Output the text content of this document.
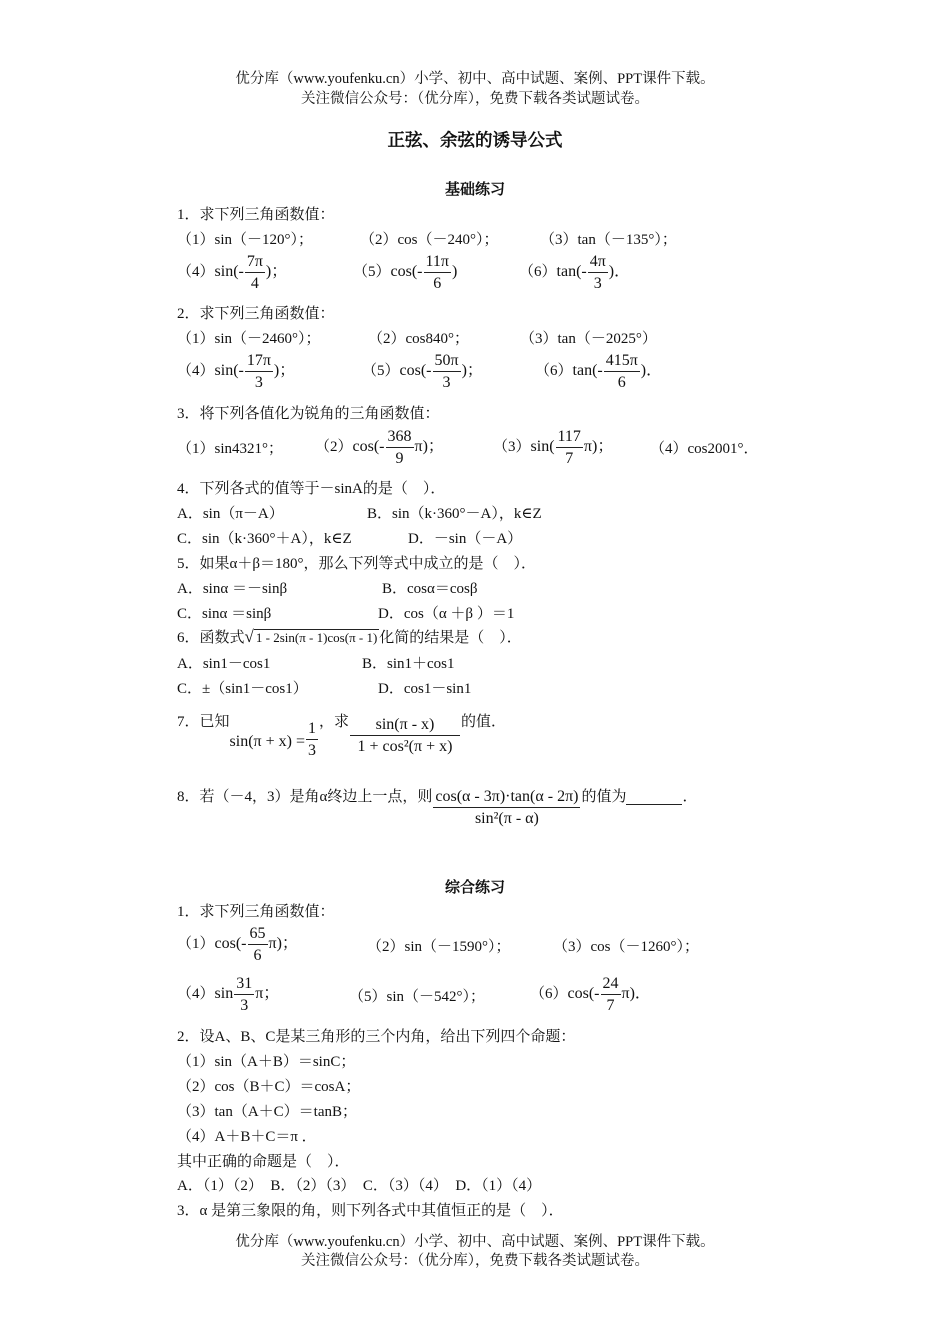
优分库（www.youfenku.cn）小学、初中、高中试题、案例、PPT课件下载。
关注微信公众号：（优分库），免费下载各类试题试卷。
正弦、余弦的诱导公式
基础练习
1．求下列三角函数值：
（1）sin（－120°）；	（2）cos（－240°）；	（3）tan（－135°）；
$(4)\sin(- \frac{7\pi}{4}$ )；	$(5)\cos(- \frac{11\pi}{6}$ )	$(6)\tan(- \frac{4\pi}{3}$ )．
2．求下列三角函数值：
（1）sin（－2460°）；	（2）cos840°；	（3）tan（－2025°）
$(4)\sin(- \frac{17\pi}{3}$ )；	$(5)\cos(- \frac{50\pi}{3}$ )；	$(6)\tan(- \frac{415\pi}{6}$ )．
3．将下列各值化为锐角的三角函数值：
（1）sin4321°； $(2)\cos(- \frac{368}{9} \pi)$；	$(3)\sin( \frac{117}{7} \pi)$； （4）cos2001°．
4．下列各式的值等于－sinA的是（　）．
A．sin（π－A）	B．sin（k·360°－A），k∈Z
C．sin（k·360°＋A），k∈Z	D．－sin（－A）
5．如果α＋β＝180°，那么下列等式中成立的是（　）．
A．sinα ＝－sinβ	B．cosα＝cosβ
C．sinα ＝sinβ	D．cos（α ＋β ）＝1
6．函数式√ 1 - 2sin(π - 1)cos(π - 1) 化简的结果是（　）．
A．sin1－cos1	B．sin1＋cos1
C．±（sin1－cos1）	D．cos1－sin1
7．已知$\sin(\pi + x) = \frac{1}{3}$ ，求 $\frac{\sin(\pi - x)}{\text{1 + cos²(π + x)}}$ 的值．
8．若（－4，3）是角α终边上一点，则 $\frac{\cos(\alpha - 3\pi)\cdot\tan(\alpha - 2\pi)}{\text{sin²(π - α)}}$ 的值为	．
综合练习
1．求下列三角函数值：
$(1)\cos(- \frac{65}{6} \pi)$；	（2）sin（－1590°）；	（3）cos（－1260°）；
$(4)\sin \frac{31}{3}$ π；	（5）sin（－542°）；	$(6)\cos(- \frac{24}{7} \pi)$．
2．设A、B、C是某三角形的三个内角，给出下列四个命题：
（1）sin（A＋B）＝sinC；
（2）cos（B＋C）＝cosA；
（3）tan（A＋C）＝tanB；
（4）A＋B＋C＝π ．
其中正确的命题是（　）．
A．（1）（2）　B．（2）（3）　C．（3）（4）　D．（1）（4）
3．α 是第三象限的角，则下列各式中其值恒正的是（　）．
优分库（www.youfenku.cn）小学、初中、高中试题、案例、PPT课件下载。
关注微信公众号：（优分库），免费下载各类试题试卷。
